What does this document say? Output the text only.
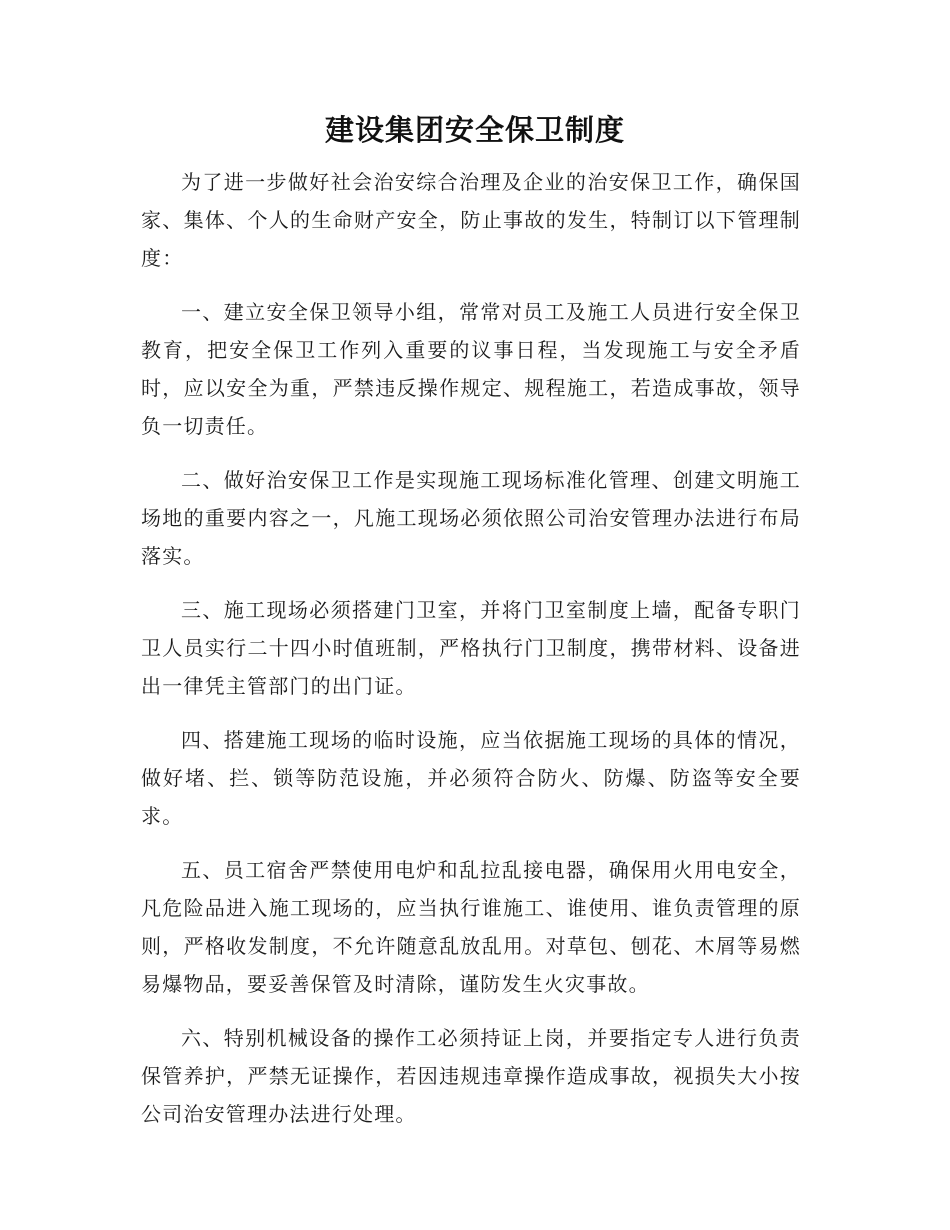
建设集团安全保卫制度

为了进一步做好社会治安综合治理及企业的治安保卫工作，确保国家、集体、个人的生命财产安全，防止事故的发生，特制订以下管理制度：

一、建立安全保卫领导小组，常常对员工及施工人员进行安全保卫教育，把安全保卫工作列入重要的议事日程，当发现施工与安全矛盾时，应以安全为重，严禁违反操作规定、规程施工，若造成事故，领导负一切责任。

二、做好治安保卫工作是实现施工现场标准化管理、创建文明施工场地的重要内容之一，凡施工现场必须依照公司治安管理办法进行布局落实。

三、施工现场必须搭建门卫室，并将门卫室制度上墙，配备专职门卫人员实行二十四小时值班制，严格执行门卫制度，携带材料、设备进出一律凭主管部门的出门证。

四、搭建施工现场的临时设施，应当依据施工现场的具体的情况，做好堵、拦、锁等防范设施，并必须符合防火、防爆、防盗等安全要求。

五、员工宿舍严禁使用电炉和乱拉乱接电器，确保用火用电安全，凡危险品进入施工现场的，应当执行谁施工、谁使用、谁负责管理的原则，严格收发制度，不允许随意乱放乱用。对草包、刨花、木屑等易燃易爆物品，要妥善保管及时清除，谨防发生火灾事故。

六、特别机械设备的操作工必须持证上岗，并要指定专人进行负责保管养护，严禁无证操作，若因违规违章操作造成事故，视损失大小按公司治安管理办法进行处理。
